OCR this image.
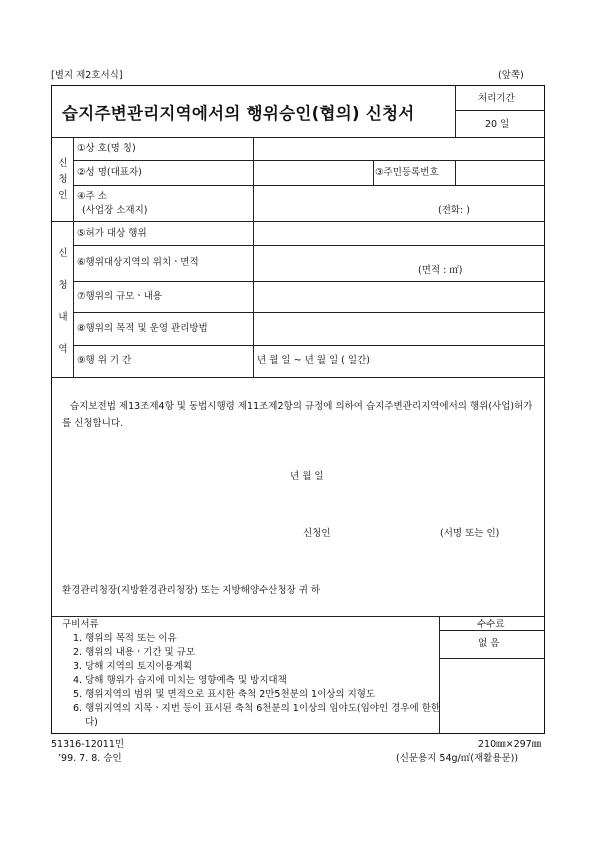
[별지 제2호서식]	(앞쪽)
습지주변관리지역에서의 행위승인(협의) 신청서
처리기간
20 일
신
청
인
①상 호(명 칭)
②성 명(대표자)	③주민등록번호
④주 소
(사업장 소재지)	(전화: )
신
청
내
역
⑤허가 대상 행위
⑥행위대상지역의 위치ㆍ면적
(면적 : ㎡)
⑦행위의 규모ㆍ내용
⑧행위의 목적 및 운영 관리방법
⑨행 위 기 간	년 월 일 ~ 년 월 일 ( 일간)
습지보전법 제13조제4항 및 동법시행령 제11조제2항의 규정에 의하여 습지주변관리지역에서의 행위(사업)허가를 신청합니다.
년 월 일
신청인	(서명 또는 인)
환경관리청장(지방환경관리청장) 또는 지방해양수산청장 귀 하
구비서류	수수료
없 음
1. 행위의 목적 또는 이유
2. 행위의 내용ㆍ기간 및 규모
3. 당해 지역의 토지이용계획
4. 당해 행위가 습지에 미치는 영향예측 및 방지대책
5. 행위지역의 범위 및 면적으로 표시한 축척 2만5천분의 1이상의 지형도
6. 행위지역의 지목ㆍ지번 등이 표시된 축척 6천분의 1이상의 임야도(임야인 경우에 한한
다)
51316-12011민
’99. 7. 8. 승인
210㎜×297㎜
(신문용지 54g/㎡(재활용문))
